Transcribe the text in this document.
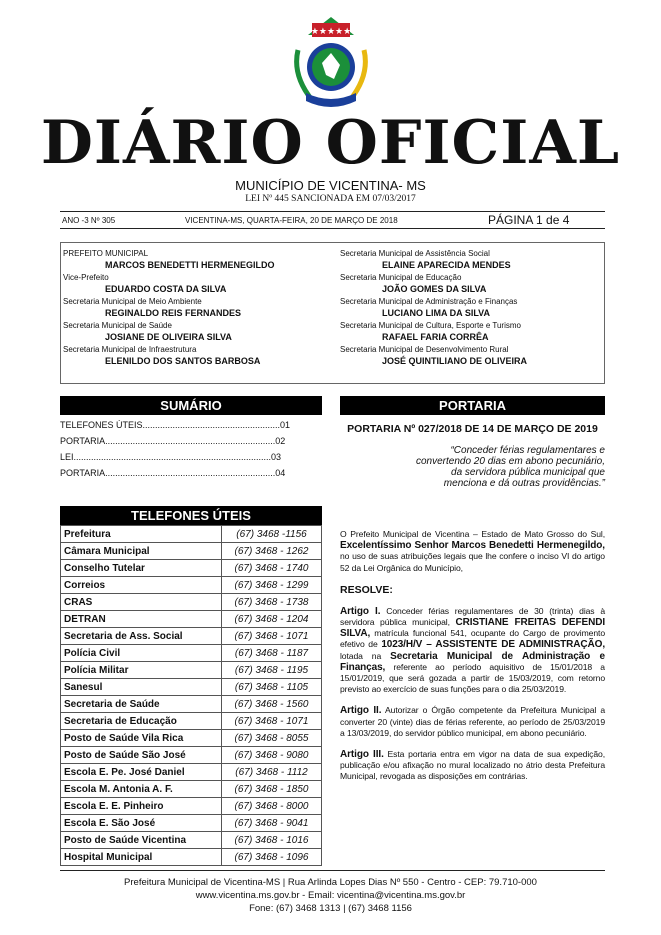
★★★★★
DIÁRIO OFICIAL
MUNICÍPIO DE VICENTINA- MS
LEI Nº 445 SANCIONADA EM 07/03/2017
ANO -3 Nº 305	VICENTINA-MS, QUARTA-FEIRA, 20 DE MARÇO DE 2018	PÁGINA 1 de 4
PREFEITO MUNICIPAL
MARCOS BENEDETTI HERMENEGILDO
Vice-Prefeito
EDUARDO COSTA DA SILVA
Secretaria Municipal de Meio Ambiente
REGINALDO REIS FERNANDES
Secretaria Municipal de Saúde
JOSIANE DE OLIVEIRA SILVA
Secretaria Municipal de Infraestrutura
ELENILDO DOS SANTOS BARBOSA
Secretaria Municipal de Assistência Social
ELAINE APARECIDA MENDES
Secretaria Municipal de Educação
JOÃO GOMES DA SILVA
Secretaria Municipal de Administração e Finanças
LUCIANO LIMA DA SILVA
Secretaria Municipal de Cultura, Esporte e Turismo
RAFAEL FARIA CORRÊA
Secretaria Municipal de Desenvolvimento Rural
JOSÉ QUINTILIANO DE OLIVEIRA
SUMÁRIO
TELEFONES ÚTEIS.......................................................01
PORTARIA....................................................................02
LEI...............................................................................03
PORTARIA....................................................................04
TELEFONES ÚTEIS
Prefeitura	(67) 3468 -1156
Câmara Municipal	(67) 3468 - 1262
Conselho Tutelar	(67) 3468 - 1740
Correios	(67) 3468 - 1299
CRAS	(67) 3468 - 1738
DETRAN	(67) 3468 - 1204
Secretaria de Ass. Social	(67) 3468 - 1071
Polícia Civil	(67) 3468 - 1187
Polícia Militar	(67) 3468 - 1195
Sanesul	(67) 3468 - 1105
Secretaria de Saúde	(67) 3468 - 1560
Secretaria de Educação	(67) 3468 - 1071
Posto de Saúde Vila Rica	(67) 3468 - 8055
Posto de Saúde São José	(67) 3468 - 9080
Escola E. Pe. José Daniel	(67) 3468 - 1112
Escola M. Antonia A. F.	(67) 3468 - 1850
Escola E. E. Pinheiro	(67) 3468 - 8000
Escola E. São José	(67) 3468 - 9041
Posto de Saúde Vicentina	(67) 3468 - 1016
Hospital Municipal	(67) 3468 - 1096
PORTARIA
PORTARIA Nº 027/2018 DE 14 DE MARÇO DE 2019
“Conceder férias regulamentares e convertendo 20 dias em abono pecuniário, da servidora pública municipal que menciona e dá outras providências.”
O Prefeito Municipal de Vicentina – Estado de Mato Grosso do Sul, Excelentíssimo Senhor Marcos Benedetti Hermenegildo, no uso de suas atribuições legais que lhe confere o inciso VI do artigo 52 da Lei Orgânica do Município,
RESOLVE:
Artigo I. Conceder férias regulamentares de 30 (trinta) dias à servidora pública municipal, CRISTIANE FREITAS DEFENDI SILVA, matrícula funcional 541, ocupante do Cargo de provimento efetivo de 1023/H/V – ASSISTENTE DE ADMINISTRAÇÃO, lotada na Secretaria Municipal de Administração e Finanças, referente ao período aquisitivo de 15/01/2018 a 15/01/2019, que será gozada a partir de 15/03/2019, com retorno previsto ao exercício de suas funções para o dia 25/03/2019.
Artigo II. Autorizar o Órgão competente da Prefeitura Municipal a converter 20 (vinte) dias de férias referente, ao período de 25/03/2019 a 13/03/2019, do servidor público municipal, em abono pecuniário.
Artigo III. Esta portaria entra em vigor na data de sua expedição, publicação e/ou afixação no mural localizado no átrio desta Prefeitura Municipal, revogada as disposições em contrárias.
Prefeitura Municipal de Vicentina-MS | Rua Arlinda Lopes Dias Nº 550 - Centro - CEP: 79.710-000
www.vicentina.ms.gov.br - Email: vicentina@vicentina.ms.gov.br
Fone: (67) 3468 1313 | (67) 3468 1156
